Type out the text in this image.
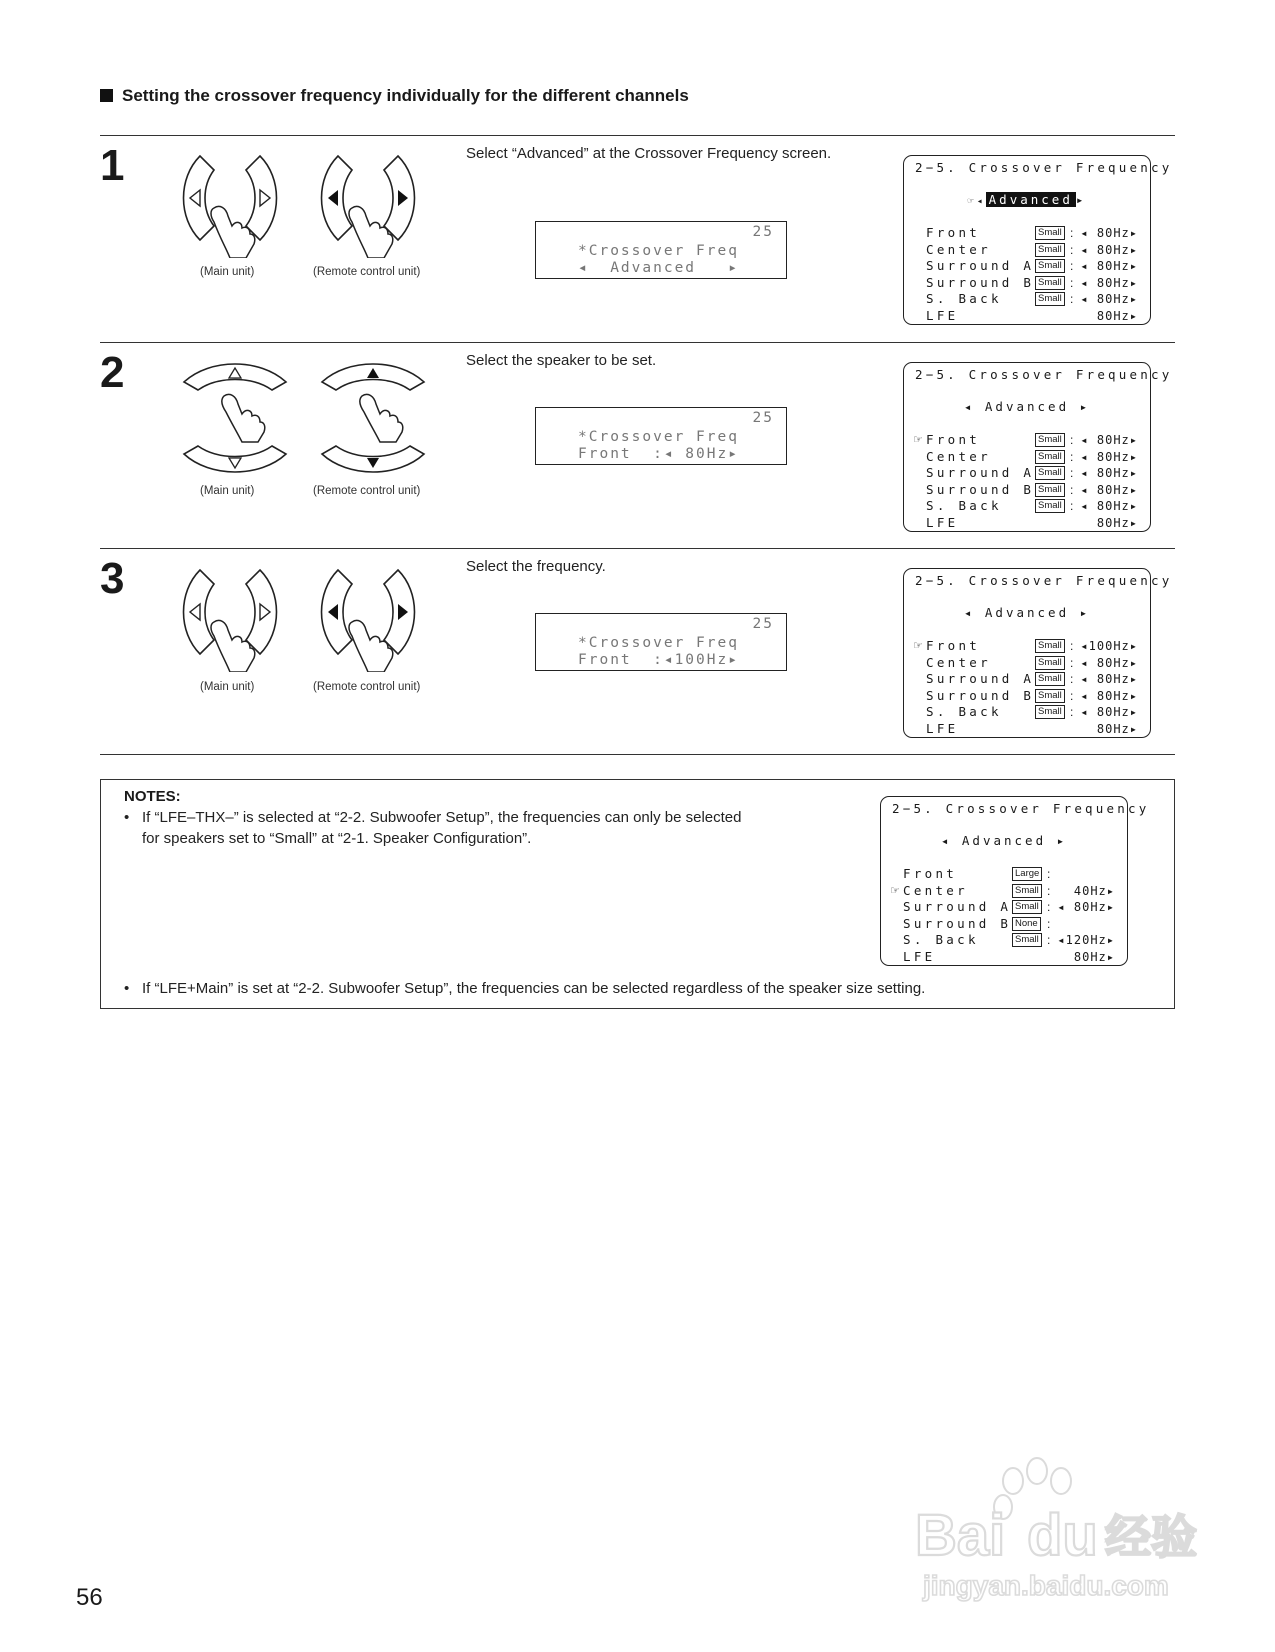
Setting the crossover frequency individually for the different channels
1
(Main unit)	(Remote control unit)
Select “Advanced” at the Crossover Frequency screen.
25
*Crossover Freq
◂  Advanced   ▸
2−5. Crossover Frequency
☞◂ Advanced ▸
Front	Small : ◂ 80Hz▸
Center	Small : ◂ 80Hz▸
Surround A Small : ◂ 80Hz▸
Surround B Small : ◂ 80Hz▸
S. Back	Small : ◂ 80Hz▸
LFE	80Hz▸
2
(Main unit)	(Remote control unit)
Select the speaker to be set.
25
*Crossover Freq
Front  :◂ 80Hz▸
2−5. Crossover Frequency
◂ Advanced ▸
☞ Front	Small : ◂ 80Hz▸
Center	Small : ◂ 80Hz▸
Surround A Small : ◂ 80Hz▸
Surround B Small : ◂ 80Hz▸
S. Back	Small : ◂ 80Hz▸
LFE	80Hz▸
3
(Main unit)	(Remote control unit)
Select the frequency.
25
*Crossover Freq
Front  :◂100Hz▸
2−5. Crossover Frequency
◂ Advanced ▸
☞ Front	Small : ◂100Hz▸
Center	Small : ◂ 80Hz▸
Surround A Small : ◂ 80Hz▸
Surround B Small : ◂ 80Hz▸
S. Back	Small : ◂ 80Hz▸
LFE	80Hz▸
NOTES:
• If “LFE–THX–” is selected at “2-2. Subwoofer Setup”, the frequencies can only be selected
for speakers set to “Small” at “2-1. Speaker Configuration”.
• If “LFE+Main” is set at “2-2. Subwoofer Setup”, the frequencies can be selected regardless of the speaker size setting.
2−5. Crossover Frequency
◂ Advanced ▸
Front	Large :
☞ Center	Small : 40Hz▸
Surround A Small : ◂ 80Hz▸
Surround B None :
S. Back	Small : ◂120Hz▸
LFE	80Hz▸
56
Bai du 经验
jingyan.baidu.com
